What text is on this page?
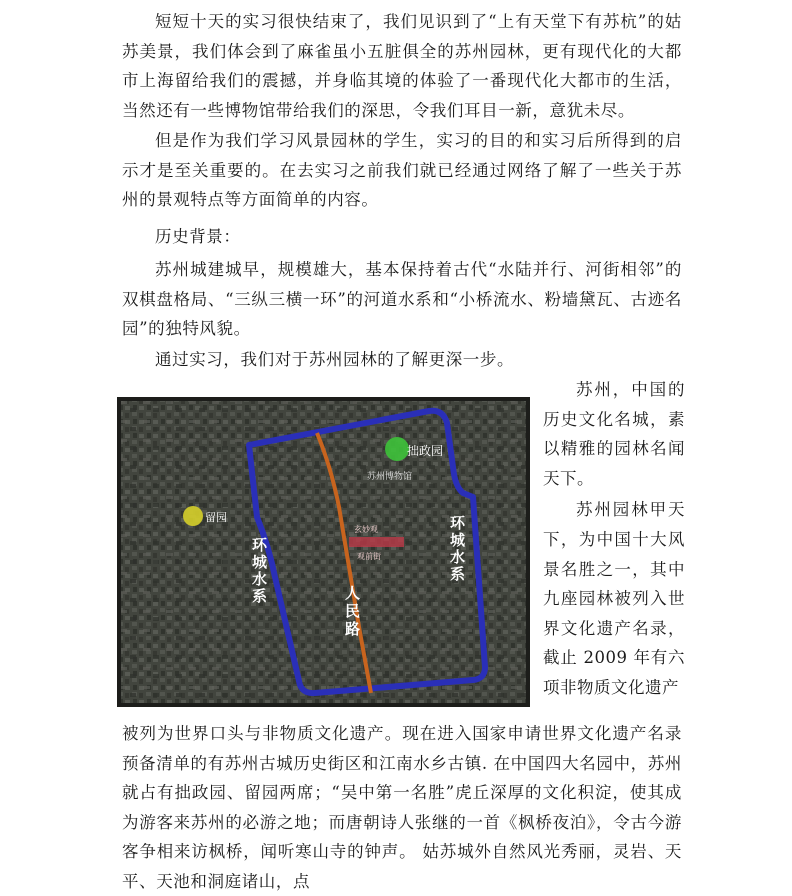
短短十天的实习很快结束了，我们见识到了“上有天堂下有苏杭”的姑苏美景，我们体会到了麻雀虽小五脏俱全的苏州园林，更有现代化的大都市上海留给我们的震撼，并身临其境的体验了一番现代化大都市的生活，当然还有一些博物馆带给我们的深思，令我们耳目一新，意犹未尽。

但是作为我们学习风景园林的学生，实习的目的和实习后所得到的启示才是至关重要的。在去实习之前我们就已经通过网络了解了一些关于苏州的景观特点等方面简单的内容。

历史背景：

苏州城建城早，规模雄大，基本保持着古代“水陆并行、河街相邻”的双棋盘格局、“三纵三横一环”的河道水系和“小桥流水、粉墙黛瓦、古迹名园”的独特风貌。

通过实习，我们对于苏州园林的了解更深一步。

苏州，中国的历史文化名城，素以精雅的园林名闻天下。
苏州园林甲天下，为中国十大风景名胜之一，其中九座园林被列入世界文化遗产名录，截止 2009 年有六项非物质文化遗产
拙政园
苏州博物馆
留园
玄妙观
观前街
环城水系	环城水系
人民路

被列为世界口头与非物质文化遗产。现在进入国家申请世界文化遗产名录预备清单的有苏州古城历史街区和江南水乡古镇. 在中国四大名园中，苏州就占有拙政园、留园两席；“吴中第一名胜”虎丘深厚的文化积淀，使其成为游客来苏州的必游之地；而唐朝诗人张继的一首《枫桥夜泊》，令古今游客争相来访枫桥，闻听寒山寺的钟声。 姑苏城外自然风光秀丽，灵岩、天平、天池和洞庭诸山，点
